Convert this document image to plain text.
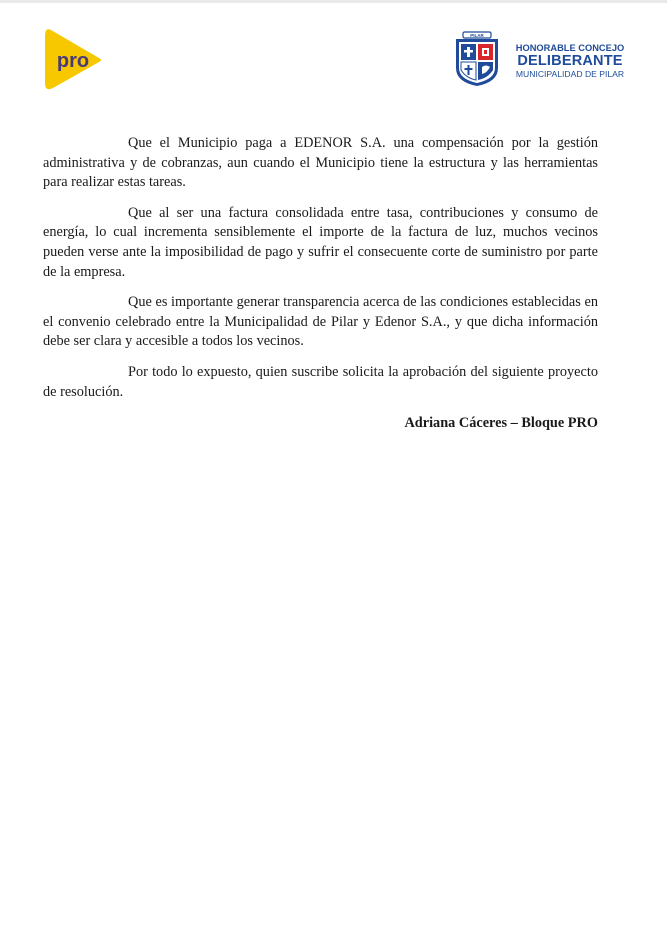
pro
PILAR
HONORABLE CONCEJO
DELIBERANTE
MUNICIPALIDAD DE PILAR

Que el Municipio paga a EDENOR S.A. una compensación por la gestión administrativa y de cobranzas, aun cuando el Municipio tiene la estructura y las herramientas para realizar estas tareas.

Que al ser una factura consolidada entre tasa, contribuciones y consumo de energía, lo cual incrementa sensiblemente el importe de la factura de luz, muchos vecinos pueden verse ante la imposibilidad de pago y sufrir el consecuente corte de suministro por parte de la empresa.

Que es importante generar transparencia acerca de las condiciones establecidas en el convenio celebrado entre la Municipalidad de Pilar y Edenor S.A., y que dicha información debe ser clara y accesible a todos los vecinos.

Por todo lo expuesto, quien suscribe solicita la aprobación del siguiente proyecto de resolución.

Adriana Cáceres – Bloque PRO
